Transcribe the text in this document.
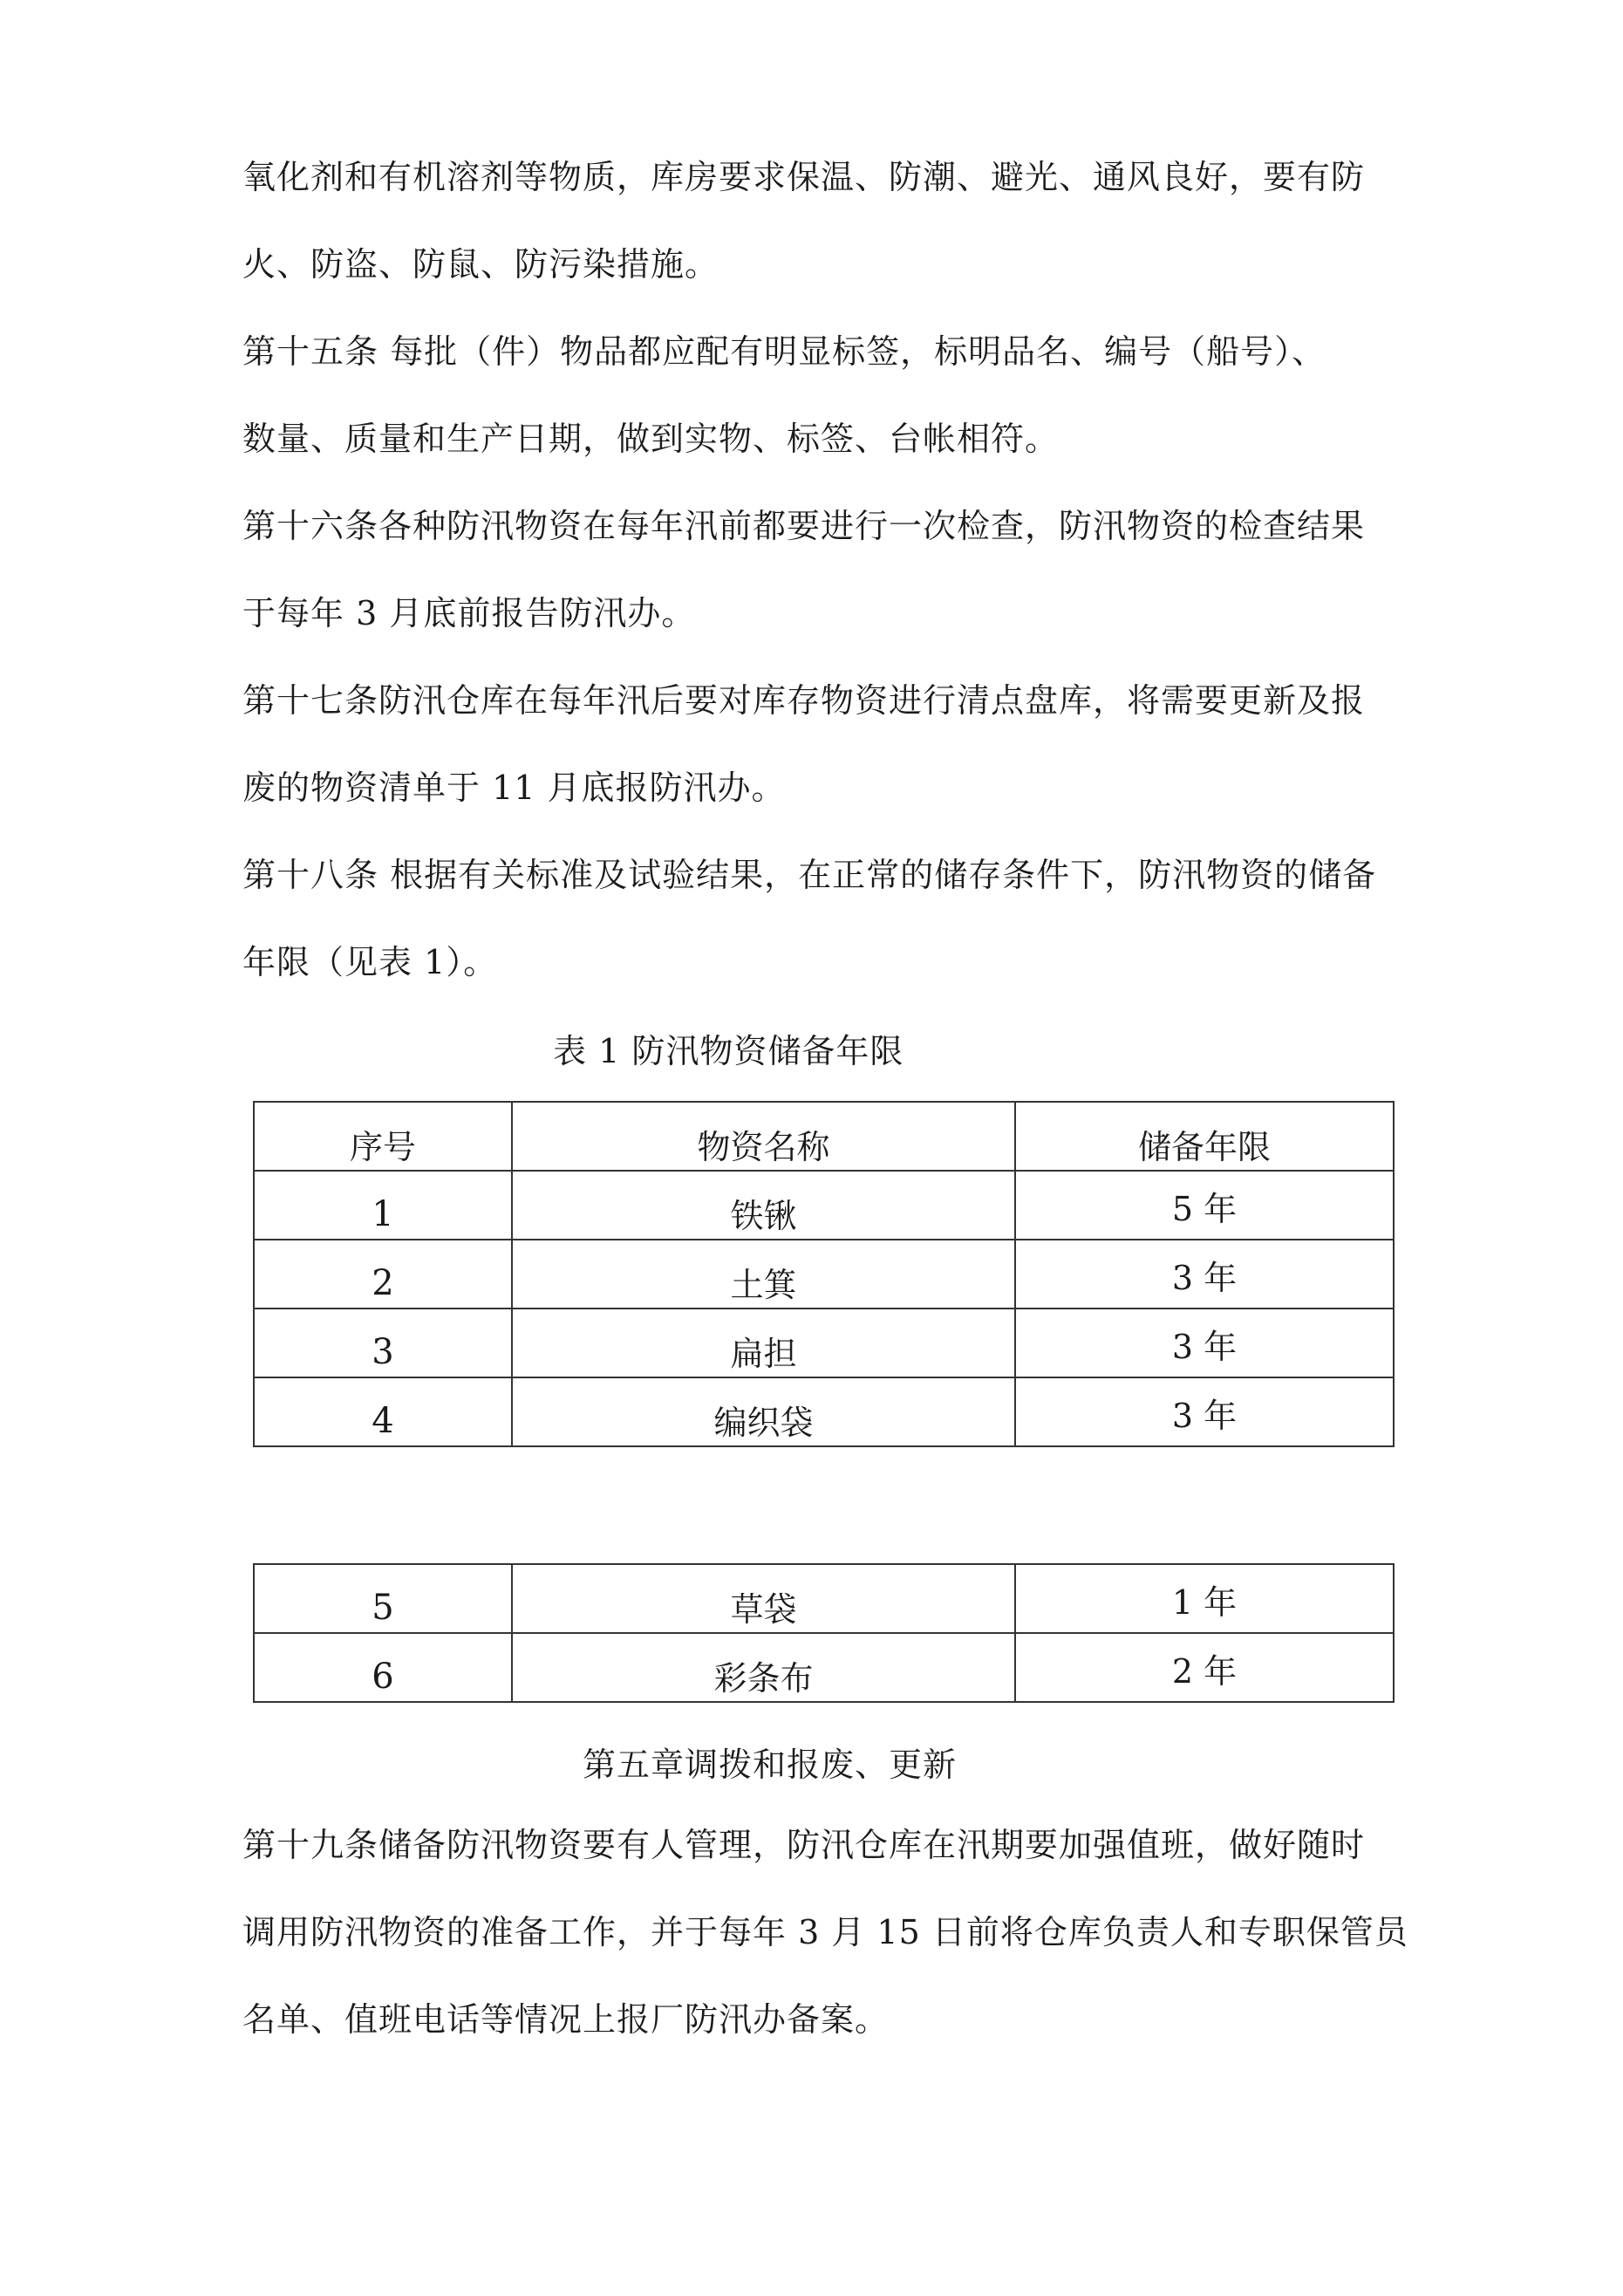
氧化剂和有机溶剂等物质，库房要求保温、防潮、避光、通风良好，要有防
火、防盗、防鼠、防污染措施。
第十五条 每批（件）物品都应配有明显标签，标明品名、编号（船号）、
数量、质量和生产日期，做到实物、标签、台帐相符。
第十六条各种防汛物资在每年汛前都要进行一次检查，防汛物资的检查结果
于每年 3 月底前报告防汛办。
第十七条防汛仓库在每年汛后要对库存物资进行清点盘库，将需要更新及报
废的物资清单于 11 月底报防汛办。
第十八条 根据有关标准及试验结果，在正常的储存条件下，防汛物资的储备
年限（见表 1）。
表 1 防汛物资储备年限
序号	物资名称	储备年限
1	铁锹	5 年
2	土箕	3 年
3	扁担	3 年
4	编织袋	3 年
5	草袋	1 年
6	彩条布	2 年
第五章调拨和报废、更新
第十九条储备防汛物资要有人管理，防汛仓库在汛期要加强值班，做好随时
调用防汛物资的准备工作，并于每年 3 月 15 日前将仓库负责人和专职保管员
名单、值班电话等情况上报厂防汛办备案。
